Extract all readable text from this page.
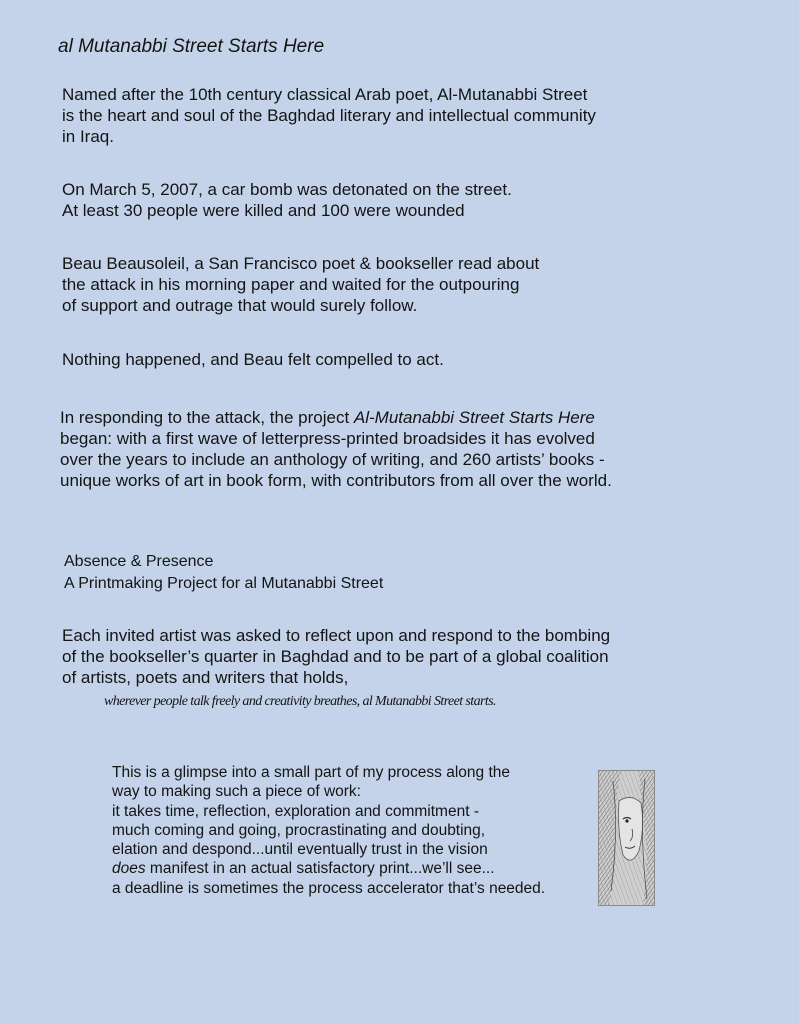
al Mutanabbi Street Starts Here
Named after the 10th century classical Arab poet, Al-Mutanabbi Street
is the heart and soul of the Baghdad literary and intellectual community
in Iraq.
On March 5, 2007, a car bomb was detonated on the street.
At least 30 people were killed and 100 were wounded
Beau Beausoleil, a San Francisco poet & bookseller read about
the attack in his morning paper and waited for the outpouring
of support and outrage that would surely follow.
Nothing happened, and Beau felt compelled to act.
In responding to the attack, the project Al-Mutanabbi Street Starts Here
began: with a first wave of letterpress-printed broadsides it has evolved
over the years to include an anthology of writing, and 260 artists’ books -
unique works of art in book form, with contributors from all over the world.
Absence & Presence
A Printmaking Project for al Mutanabbi Street
Each invited artist was asked to reflect upon and respond to the bombing
of the bookseller’s quarter in Baghdad and to be part of a global coalition
of artists, poets and writers that holds,
wherever people talk freely and creativity breathes, al Mutanabbi Street starts.
This is a glimpse into a small part of my process along the
way to making such a piece of work:
it takes time, reflection, exploration and commitment -
much coming and going, procrastinating and doubting,
elation and despond...until eventually trust in the vision
does manifest in an actual satisfactory print...we’ll see...
a deadline is sometimes the process accelerator that’s needed.
